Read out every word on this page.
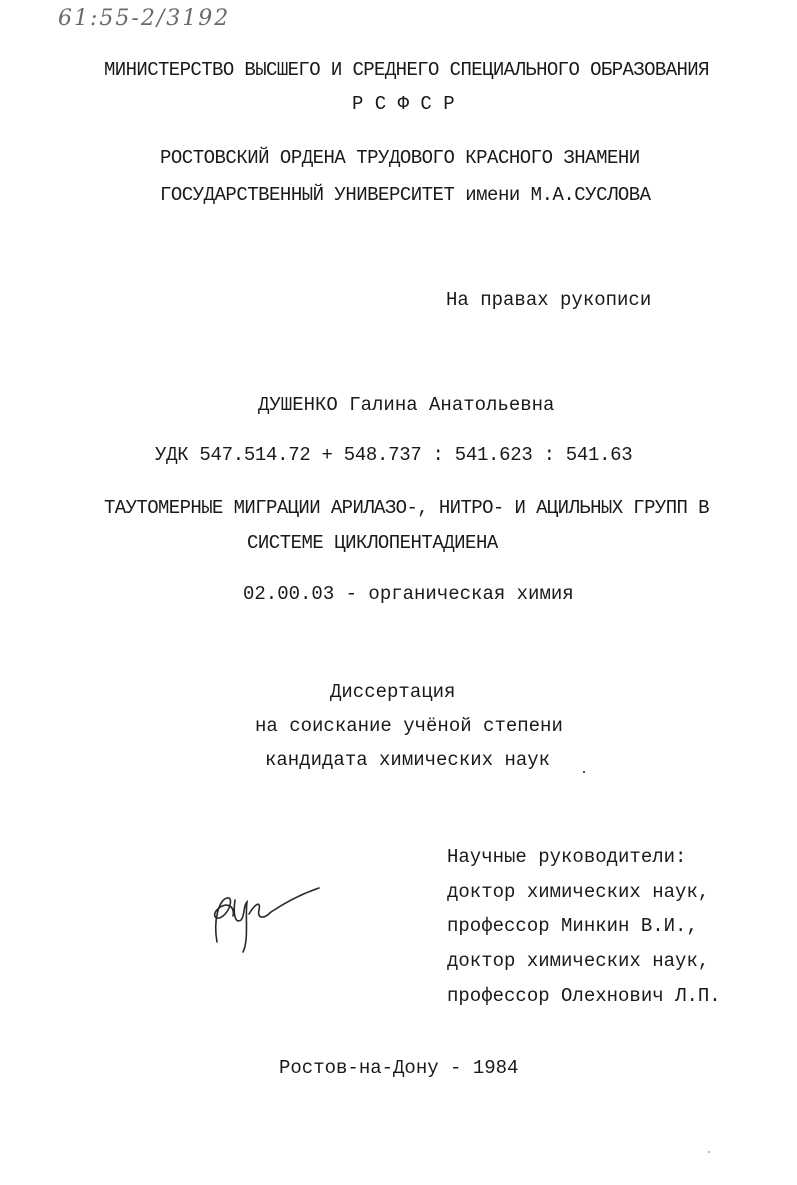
61:55-2/3192
МИНИСТЕРСТВО ВЫСШЕГО И СРЕДНЕГО СПЕЦИАЛЬНОГО ОБРАЗОВАНИЯ
Р С Ф С Р
РОСТОВСКИЙ ОРДЕНА ТРУДОВОГО КРАСНОГО ЗНАМЕНИ
ГОСУДАРСТВЕННЫЙ УНИВЕРСИТЕТ имени М.А.СУСЛОВА
На правах рукописи
ДУШЕНКО Галина Анатольевна
УДК 547.514.72 + 548.737 : 541.623 : 541.63
ТАУТОМЕРНЫЕ МИГРАЦИИ АРИЛАЗО-, НИТРО- И АЦИЛЬНЫХ ГРУПП В
СИСТЕМЕ ЦИКЛОПЕНТАДИЕНА
02.00.03 - органическая химия
Диссертация
на соискание учёной степени
кандидата химических наук
Научные руководители:
доктор химических наук,
профессор Минкин В.И.,
доктор химических наук,
профессор Олехнович Л.П.
Ростов-на-Дону - 1984
